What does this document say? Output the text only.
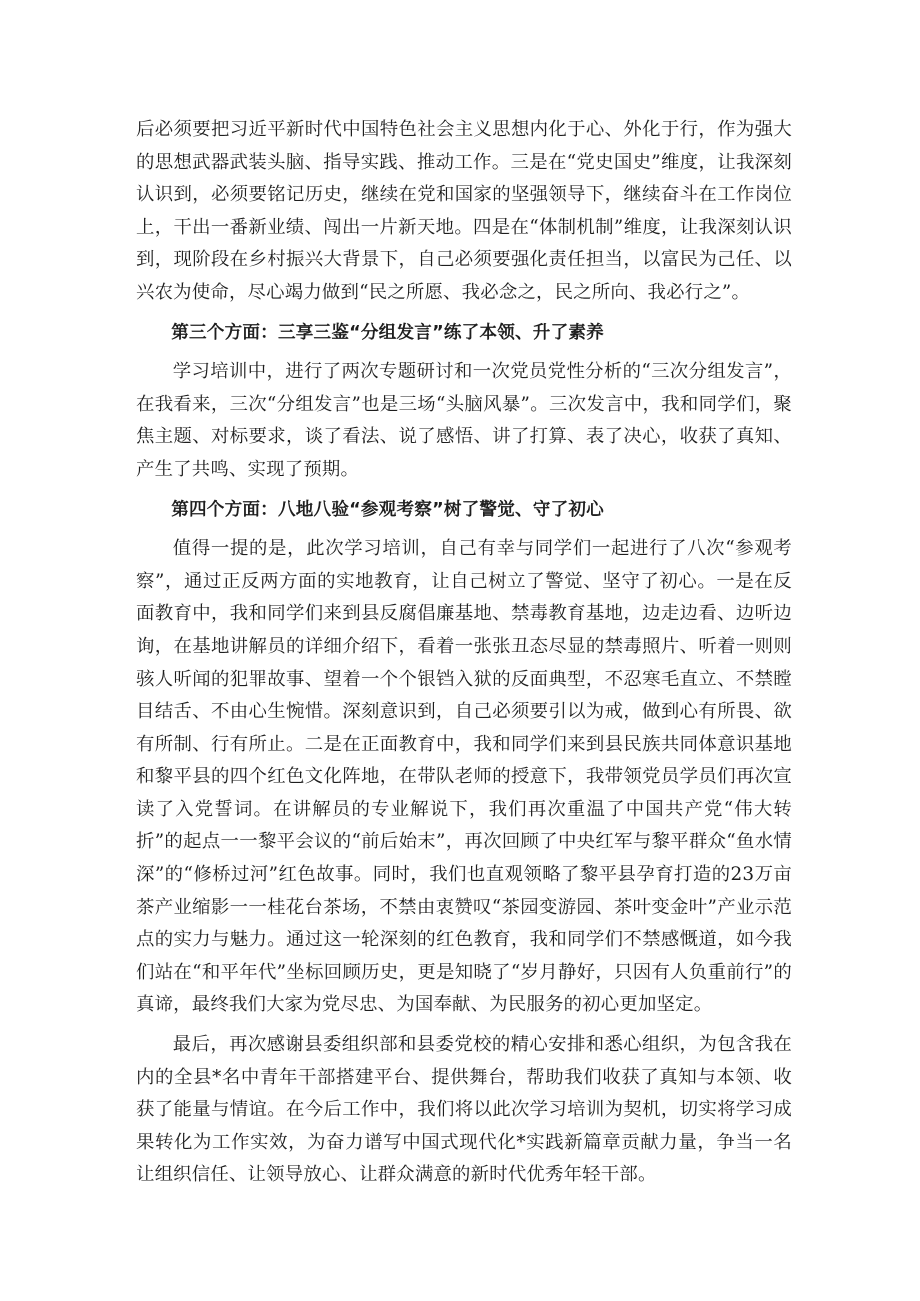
后必须要把习近平新时代中国特色社会主义思想内化于心、外化于行，作为强大的思想武器武装头脑、指导实践、推动工作。三是在“党史国史”维度，让我深刻认识到，必须要铭记历史，继续在党和国家的坚强领导下，继续奋斗在工作岗位上，干出一番新业绩、闯出一片新天地。四是在“体制机制”维度，让我深刻认识到，现阶段在乡村振兴大背景下，自己必须要强化责任担当，以富民为己任、以兴农为使命，尽心竭力做到“民之所愿、我必念之，民之所向、我必行之”。

第三个方面：三享三鉴“分组发言”练了本领、升了素养

学习培训中，进行了两次专题研讨和一次党员党性分析的“三次分组发言”，在我看来，三次“分组发言”也是三场“头脑风暴”。三次发言中，我和同学们，聚焦主题、对标要求，谈了看法、说了感悟、讲了打算、表了决心，收获了真知、产生了共鸣、实现了预期。

第四个方面：八地八验“参观考察”树了警觉、守了初心

值得一提的是，此次学习培训，自己有幸与同学们一起进行了八次“参观考察”，通过正反两方面的实地教育，让自己树立了警觉、坚守了初心。一是在反面教育中，我和同学们来到县反腐倡廉基地、禁毒教育基地，边走边看、边听边询，在基地讲解员的详细介绍下，看着一张张丑态尽显的禁毒照片、听着一则则骇人听闻的犯罪故事、望着一个个银铛入狱的反面典型，不忍寒毛直立、不禁瞠目结舌、不由心生惋惜。深刻意识到，自己必须要引以为戒，做到心有所畏、欲有所制、行有所止。二是在正面教育中，我和同学们来到县民族共同体意识基地和黎平县的四个红色文化阵地，在带队老师的授意下，我带领党员学员们再次宣读了入党誓词。在讲解员的专业解说下，我们再次重温了中国共产党“伟大转折”的起点一一黎平会议的“前后始末”，再次回顾了中央红军与黎平群众“鱼水情深”的“修桥过河”红色故事。同时，我们也直观领略了黎平县孕育打造的23万亩茶产业缩影一一桂花台茶场，不禁由衷赞叹“茶园变游园、茶叶变金叶”产业示范点的实力与魅力。通过这一轮深刻的红色教育，我和同学们不禁感慨道，如今我们站在“和平年代”坐标回顾历史，更是知晓了“岁月静好，只因有人负重前行”的真谛，最终我们大家为党尽忠、为国奉献、为民服务的初心更加坚定。

最后，再次感谢县委组织部和县委党校的精心安排和悉心组织，为包含我在内的全县*名中青年干部搭建平台、提供舞台，帮助我们收获了真知与本领、收获了能量与情谊。在今后工作中，我们将以此次学习培训为契机，切实将学习成果转化为工作实效，为奋力谱写中国式现代化*实践新篇章贡献力量，争当一名让组织信任、让领导放心、让群众满意的新时代优秀年轻干部。
